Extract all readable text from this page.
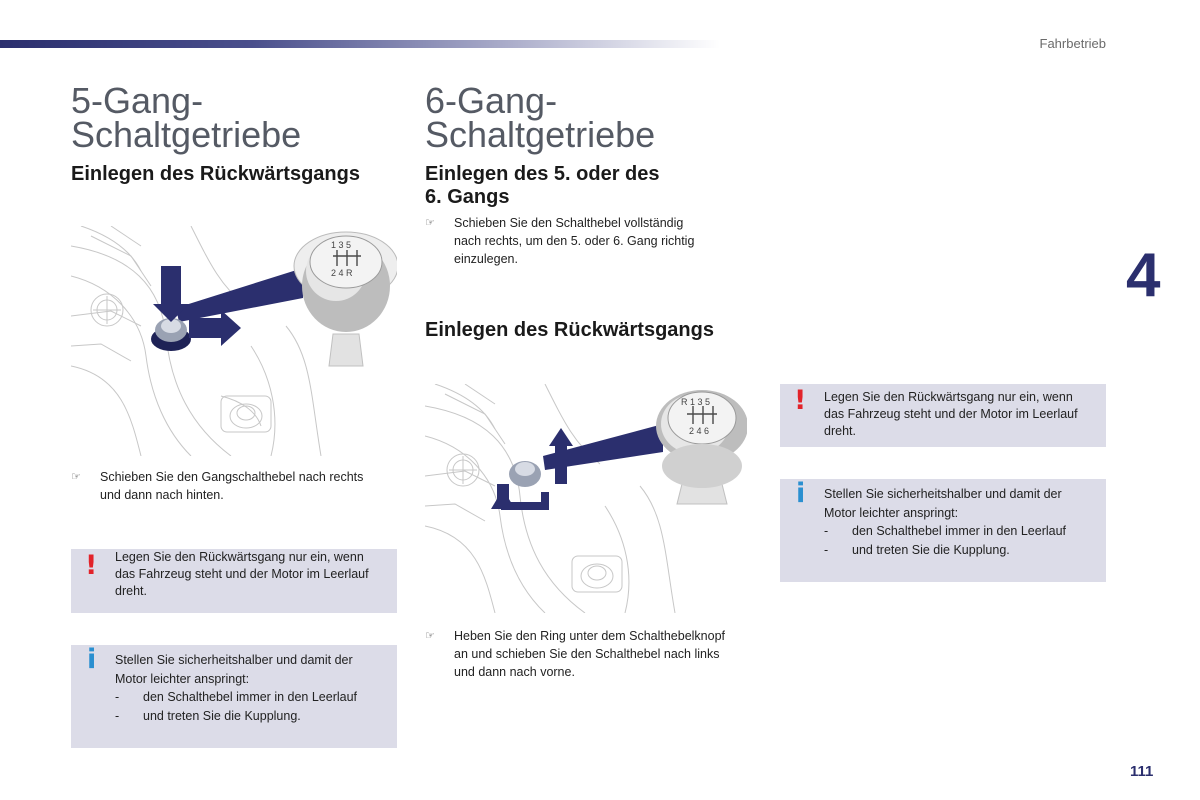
Fahrbetrieb
4
111
5-Gang-
Schaltgetriebe
Einlegen des Rückwärtsgangs
1 3 5
2 4 R
☞ Schieben Sie den Gangschalthebel nach rechts
und dann nach hinten.
! Legen Sie den Rückwärtsgang nur ein, wenn
das Fahrzeug steht und der Motor im Leerlauf
dreht.
i Stellen Sie sicherheitshalber und damit der
Motor leichter anspringt:
- den Schalthebel immer in den Leerlauf
- und treten Sie die Kupplung.
6-Gang-
Schaltgetriebe
Einlegen des 5. oder des
6. Gangs
☞ Schieben Sie den Schalthebel vollständig
nach rechts, um den 5. oder 6. Gang richtig
einzulegen.
Einlegen des Rückwärtsgangs
R 1 3 5
2 4 6
☞ Heben Sie den Ring unter dem Schalthebelknopf
an und schieben Sie den Schalthebel nach links
und dann nach vorne.
! Legen Sie den Rückwärtsgang nur ein, wenn
das Fahrzeug steht und der Motor im Leerlauf
dreht.
i Stellen Sie sicherheitshalber und damit der
Motor leichter anspringt:
- den Schalthebel immer in den Leerlauf
- und treten Sie die Kupplung.
